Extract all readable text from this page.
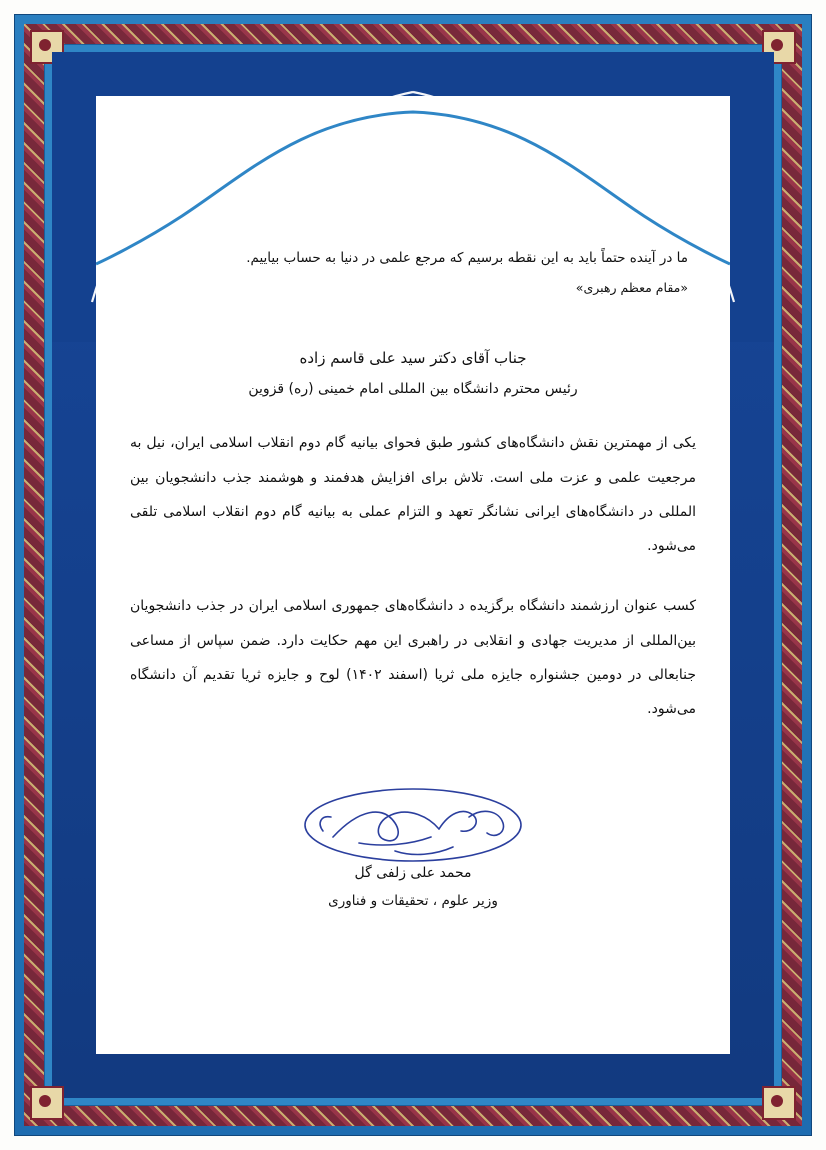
ما در آینده حتماً باید به این نقطه برسیم که مرجع علمی در دنیا به حساب بیاییم.
«مقام معظم رهبری»

جناب آقای دکتر سید علی قاسم زاده
رئیس محترم دانشگاه بین المللی امام خمینی (ره) قزوین

یکی از مهمترین نقش دانشگاه‌های کشور طبق فحوای بیانیه گام دوم انقلاب اسلامی ایران، نیل به مرجعیت علمی و عزت ملی است. تلاش برای افزایش هدفمند و هوشمند جذب دانشجویان بین المللی در دانشگاه‌های ایرانی نشانگر تعهد و التزام عملی به بیانیه گام دوم انقلاب اسلامی تلقی می‌شود.

کسب عنوان ارزشمند دانشگاه برگزیده د دانشگاه‌های جمهوری اسلامی ایران در جذب دانشجویان بین‌المللی از مدیریت جهادی و انقلابی در راهبری این مهم حکایت دارد. ضمن سپاس از مساعی جنابعالی در دومین جشنواره جایزه ملی ثریا (اسفند ۱۴۰۲) لوح و جایزه ثریا تقدیم آن دانشگاه می‌شود.

محمد علی زلفی گل
وزیر علوم ، تحقیقات و فناوری
